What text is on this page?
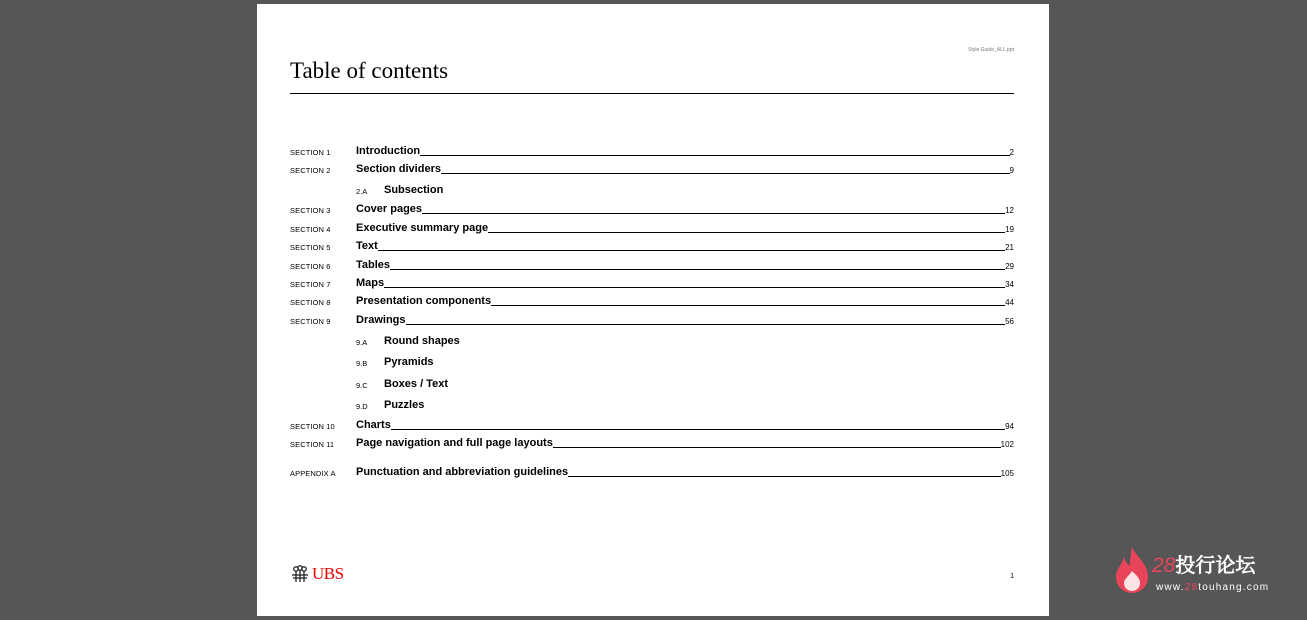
Style Guide_ALL.ppt
Table of contents
SECTION 1 Introduction	2
SECTION 2 Section dividers	9
2.A Subsection
SECTION 3 Cover pages	12
SECTION 4 Executive summary page	19
SECTION 5 Text	21
SECTION 6 Tables	29
SECTION 7 Maps	34
SECTION 8 Presentation components	44
SECTION 9 Drawings	56
9.A Round shapes
9.B Pyramids
9.C Boxes / Text
9.D Puzzles
SECTION 10 Charts	94
SECTION 11 Page navigation and full page layouts	102
APPENDIX A Punctuation and abbreviation guidelines	105
UBS	1	28投行论坛
www.28touhang.com
